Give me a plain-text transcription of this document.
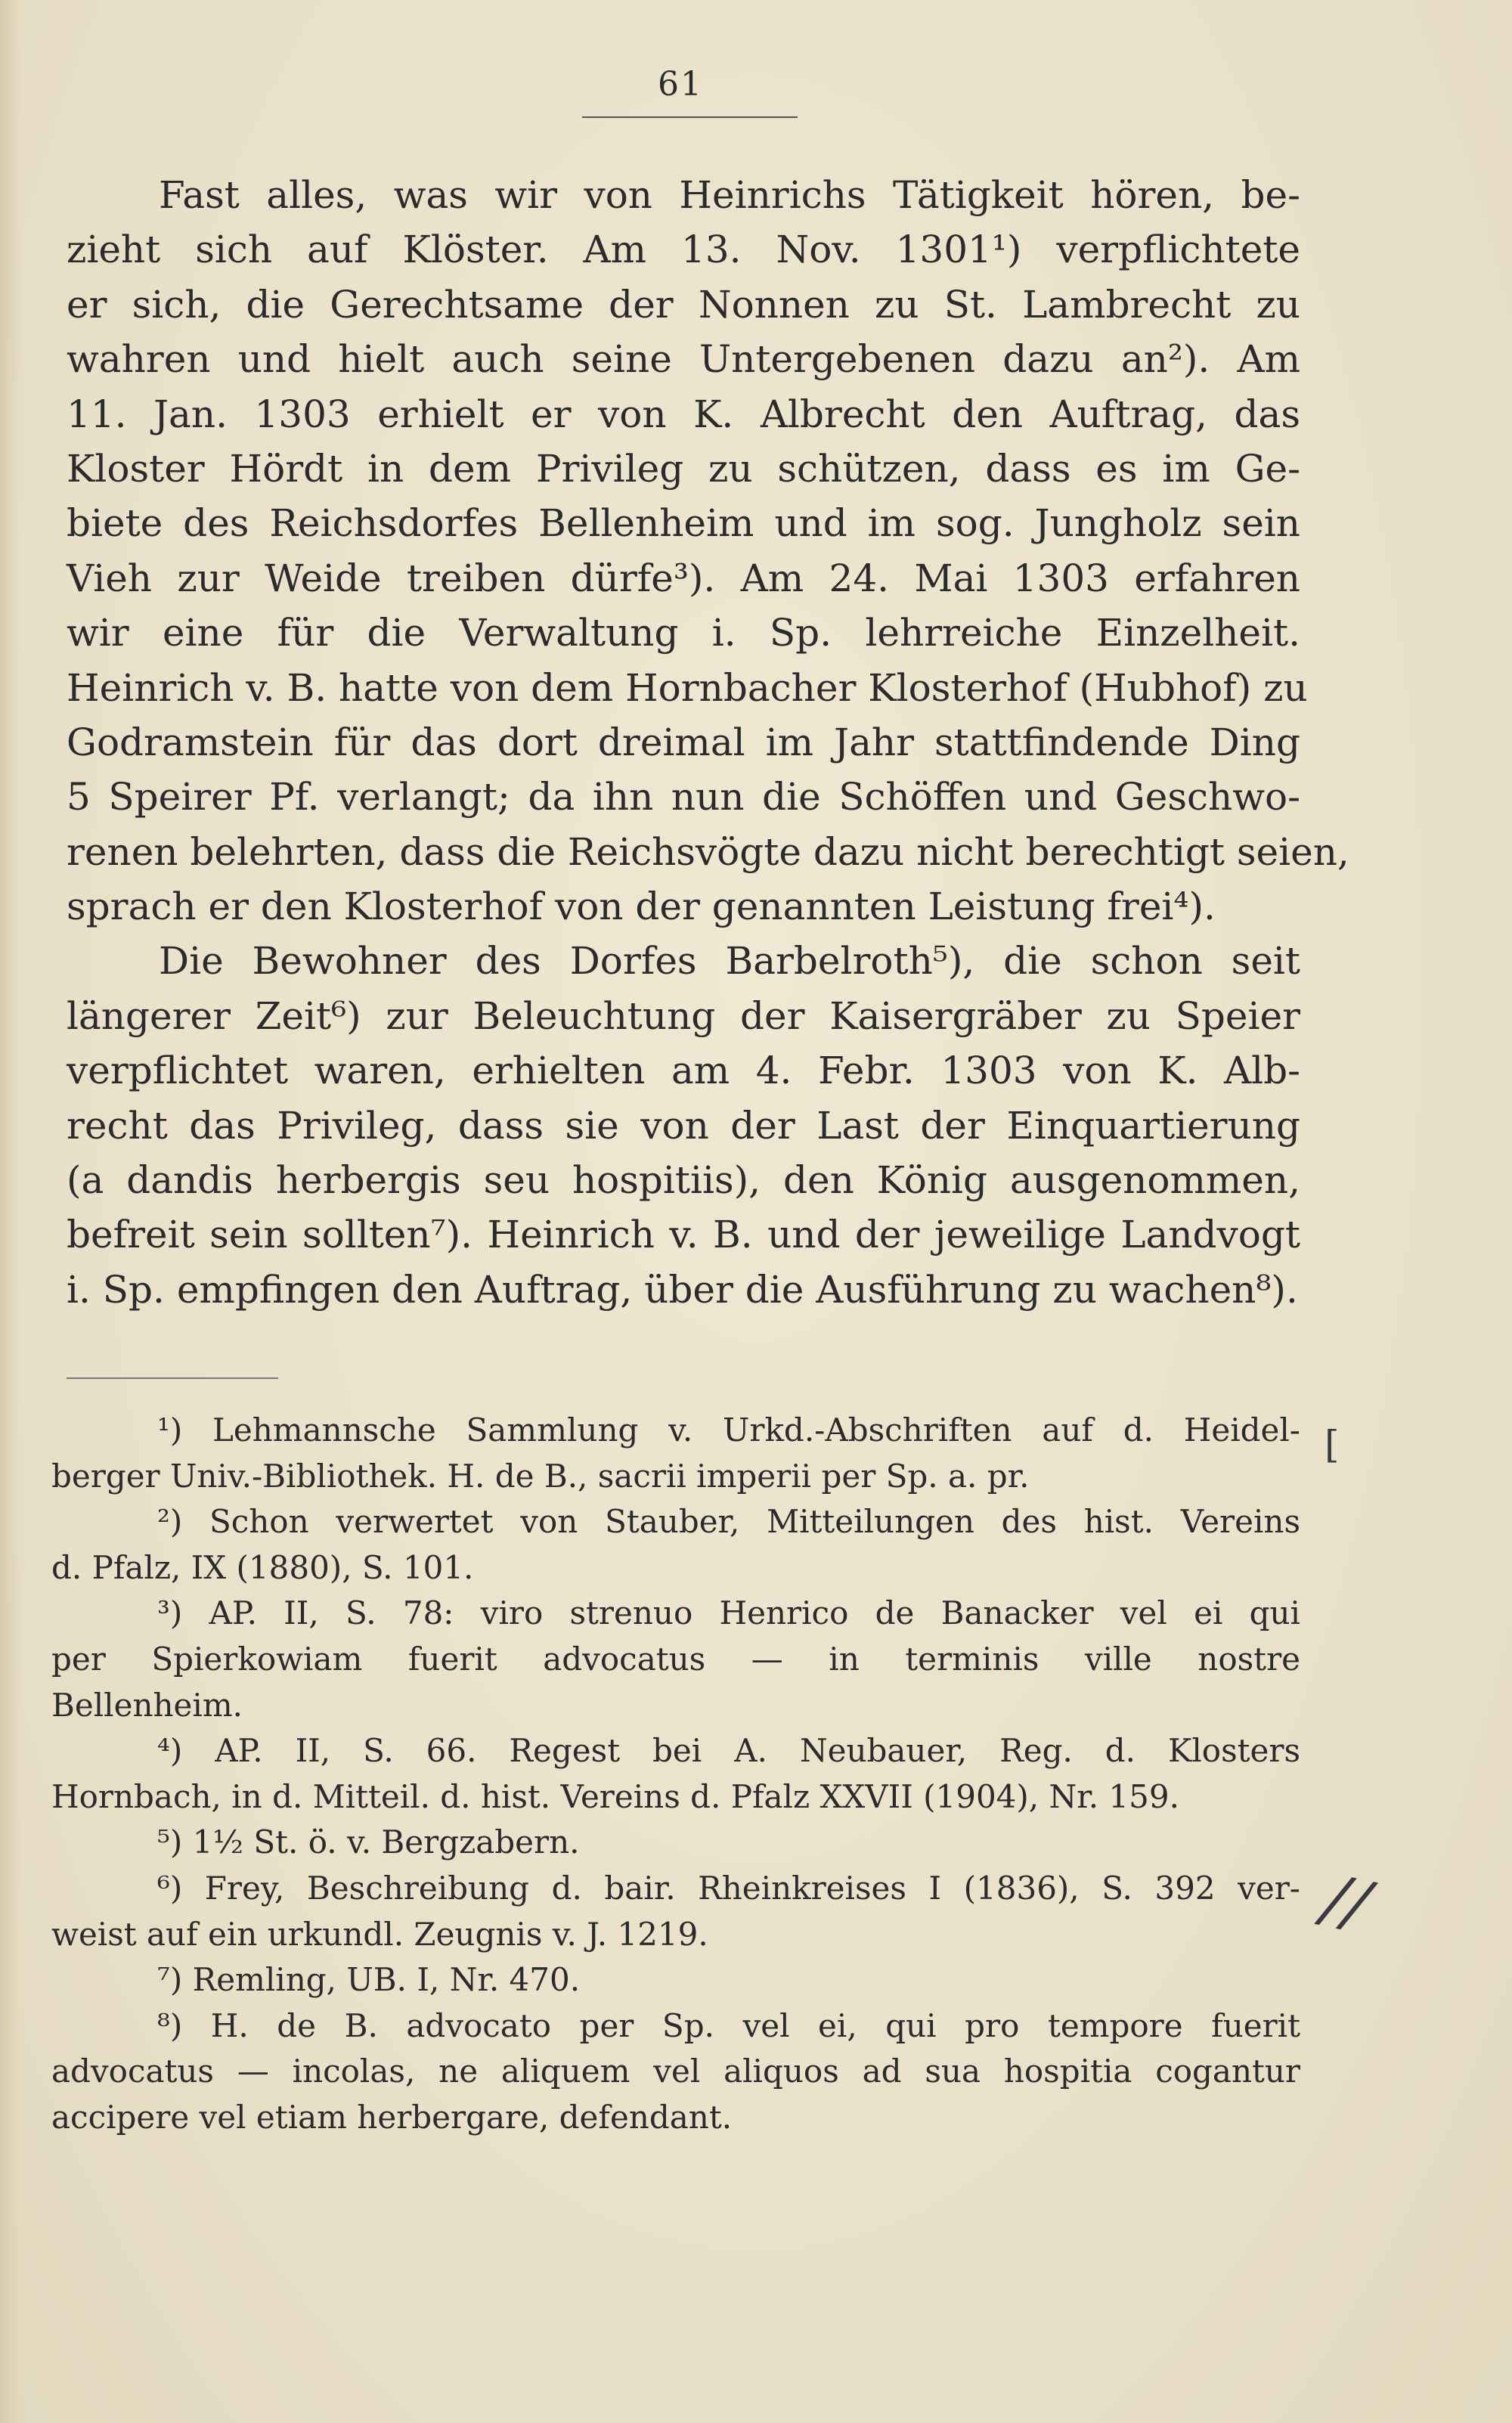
61
Fast alles, was wir von Heinrichs Tätigkeit hören, be-
zieht sich auf Klöster. Am 13. Nov. 1301¹) verpflichtete
er sich, die Gerechtsame der Nonnen zu St. Lambrecht zu
wahren und hielt auch seine Untergebenen dazu an²). Am
11. Jan. 1303 erhielt er von K. Albrecht den Auftrag, das
Kloster Hördt in dem Privileg zu schützen, dass es im Ge-
biete des Reichsdorfes Bellenheim und im sog. Jungholz sein
Vieh zur Weide treiben dürfe³). Am 24. Mai 1303 erfahren
wir eine für die Verwaltung i. Sp. lehrreiche Einzelheit.
Heinrich v. B. hatte von dem Hornbacher Klosterhof (Hubhof) zu
Godramstein für das dort dreimal im Jahr stattfindende Ding
5 Speirer Pf. verlangt; da ihn nun die Schöffen und Geschwo-
renen belehrten, dass die Reichsvögte dazu nicht berechtigt seien,
sprach er den Klosterhof von der genannten Leistung frei⁴).
Die Bewohner des Dorfes Barbelroth⁵), die schon seit
längerer Zeit⁶) zur Beleuchtung der Kaisergräber zu Speier
verpflichtet waren, erhielten am 4. Febr. 1303 von K. Alb-
recht das Privileg, dass sie von der Last der Einquartierung
(a dandis herbergis seu hospitiis), den König ausgenommen,
befreit sein sollten⁷). Heinrich v. B. und der jeweilige Landvogt
i. Sp. empfingen den Auftrag, über die Ausführung zu wachen⁸).
¹) Lehmannsche Sammlung v. Urkd.-Abschriften auf d. Heidel-
berger Univ.-Bibliothek. H. de B., sacrii imperii per Sp. a. pr.
²) Schon verwertet von Stauber, Mitteilungen des hist. Vereins
d. Pfalz, IX (1880), S. 101.
³) AP. II, S. 78: viro strenuo Henrico de Banacker vel ei qui
per Spierkowiam fuerit advocatus — in terminis ville nostre
Bellenheim.
⁴) AP. II, S. 66. Regest bei A. Neubauer, Reg. d. Klosters
Hornbach, in d. Mitteil. d. hist. Vereins d. Pfalz XXVII (1904), Nr. 159.
⁵) 1½ St. ö. v. Bergzabern.
⁶) Frey, Beschreibung d. bair. Rheinkreises I (1836), S. 392 ver-
weist auf ein urkundl. Zeugnis v. J. 1219.
⁷) Remling, UB. I, Nr. 470.
⁸) H. de B. advocato per Sp. vel ei, qui pro tempore fuerit
advocatus — incolas, ne aliquem vel aliquos ad sua hospitia cogantur
accipere vel etiam herbergare, defendant.
[
//
